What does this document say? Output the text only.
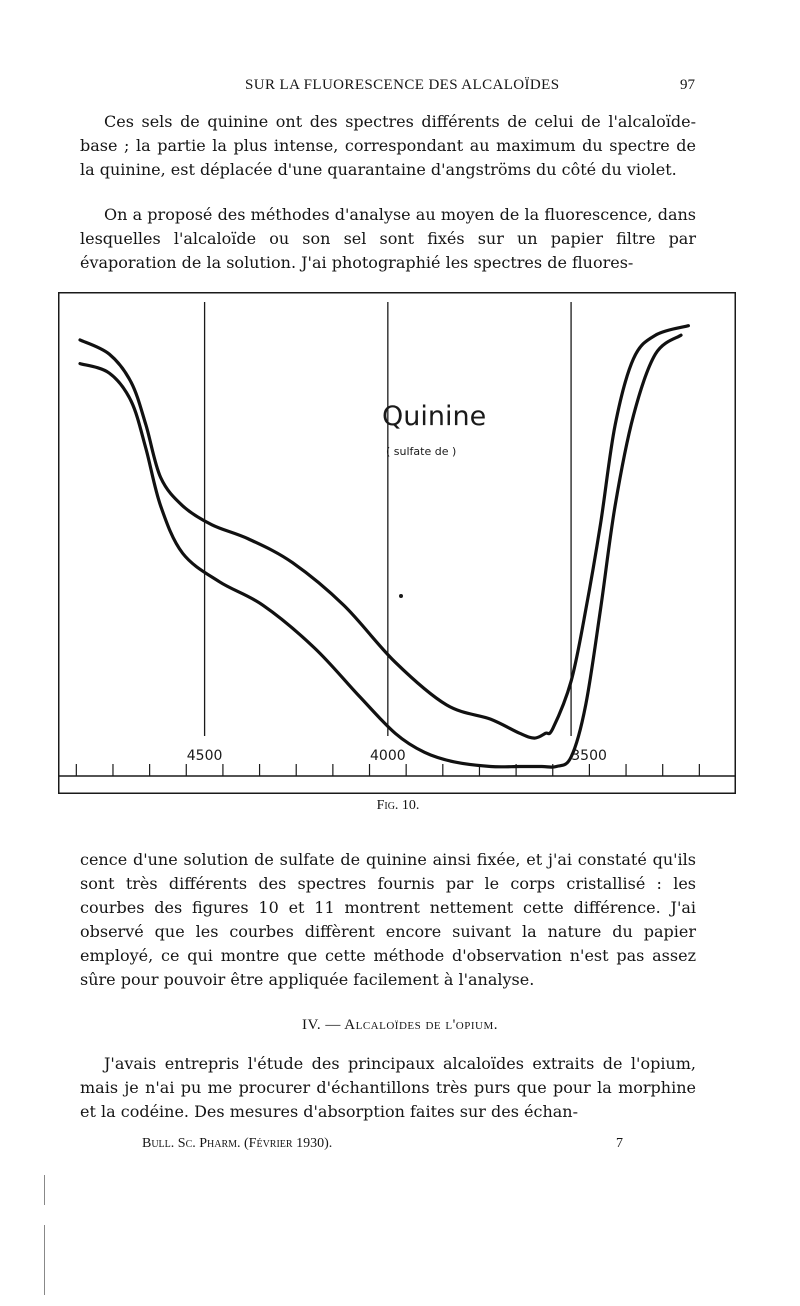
SUR LA FLUORESCENCE DES ALCALOÏDES	97

Ces sels de quinine ont des spectres différents de celui de l'alcaloïde-base ; la partie la plus intense, correspondant au maximum du spectre de la quinine, est déplacée d'une quarantaine d'angströms du côté du violet.

On a proposé des méthodes d'analyse au moyen de la fluorescence, dans lesquelles l'alcaloïde ou son sel sont fixés sur un papier filtre par évaporation de la solution. J'ai photographié les spectres de fluores-

4500	4000	3500
Quinine
( sulfate de )
Fig. 10.

cence d'une solution de sulfate de quinine ainsi fixée, et j'ai constaté qu'ils sont très différents des spectres fournis par le corps cristallisé : les courbes des figures 10 et 11 montrent nettement cette différence. J'ai observé que les courbes diffèrent encore suivant la nature du papier employé, ce qui montre que cette méthode d'observation n'est pas assez sûre pour pouvoir être appliquée facilement à l'analyse.

IV. — Alcaloïdes de l'opium.

J'avais entrepris l'étude des principaux alcaloïdes extraits de l'opium, mais je n'ai pu me procurer d'échantillons très purs que pour la morphine et la codéine. Des mesures d'absorption faites sur des échan-

Bull. Sc. Pharm. (Février 1930).	7
